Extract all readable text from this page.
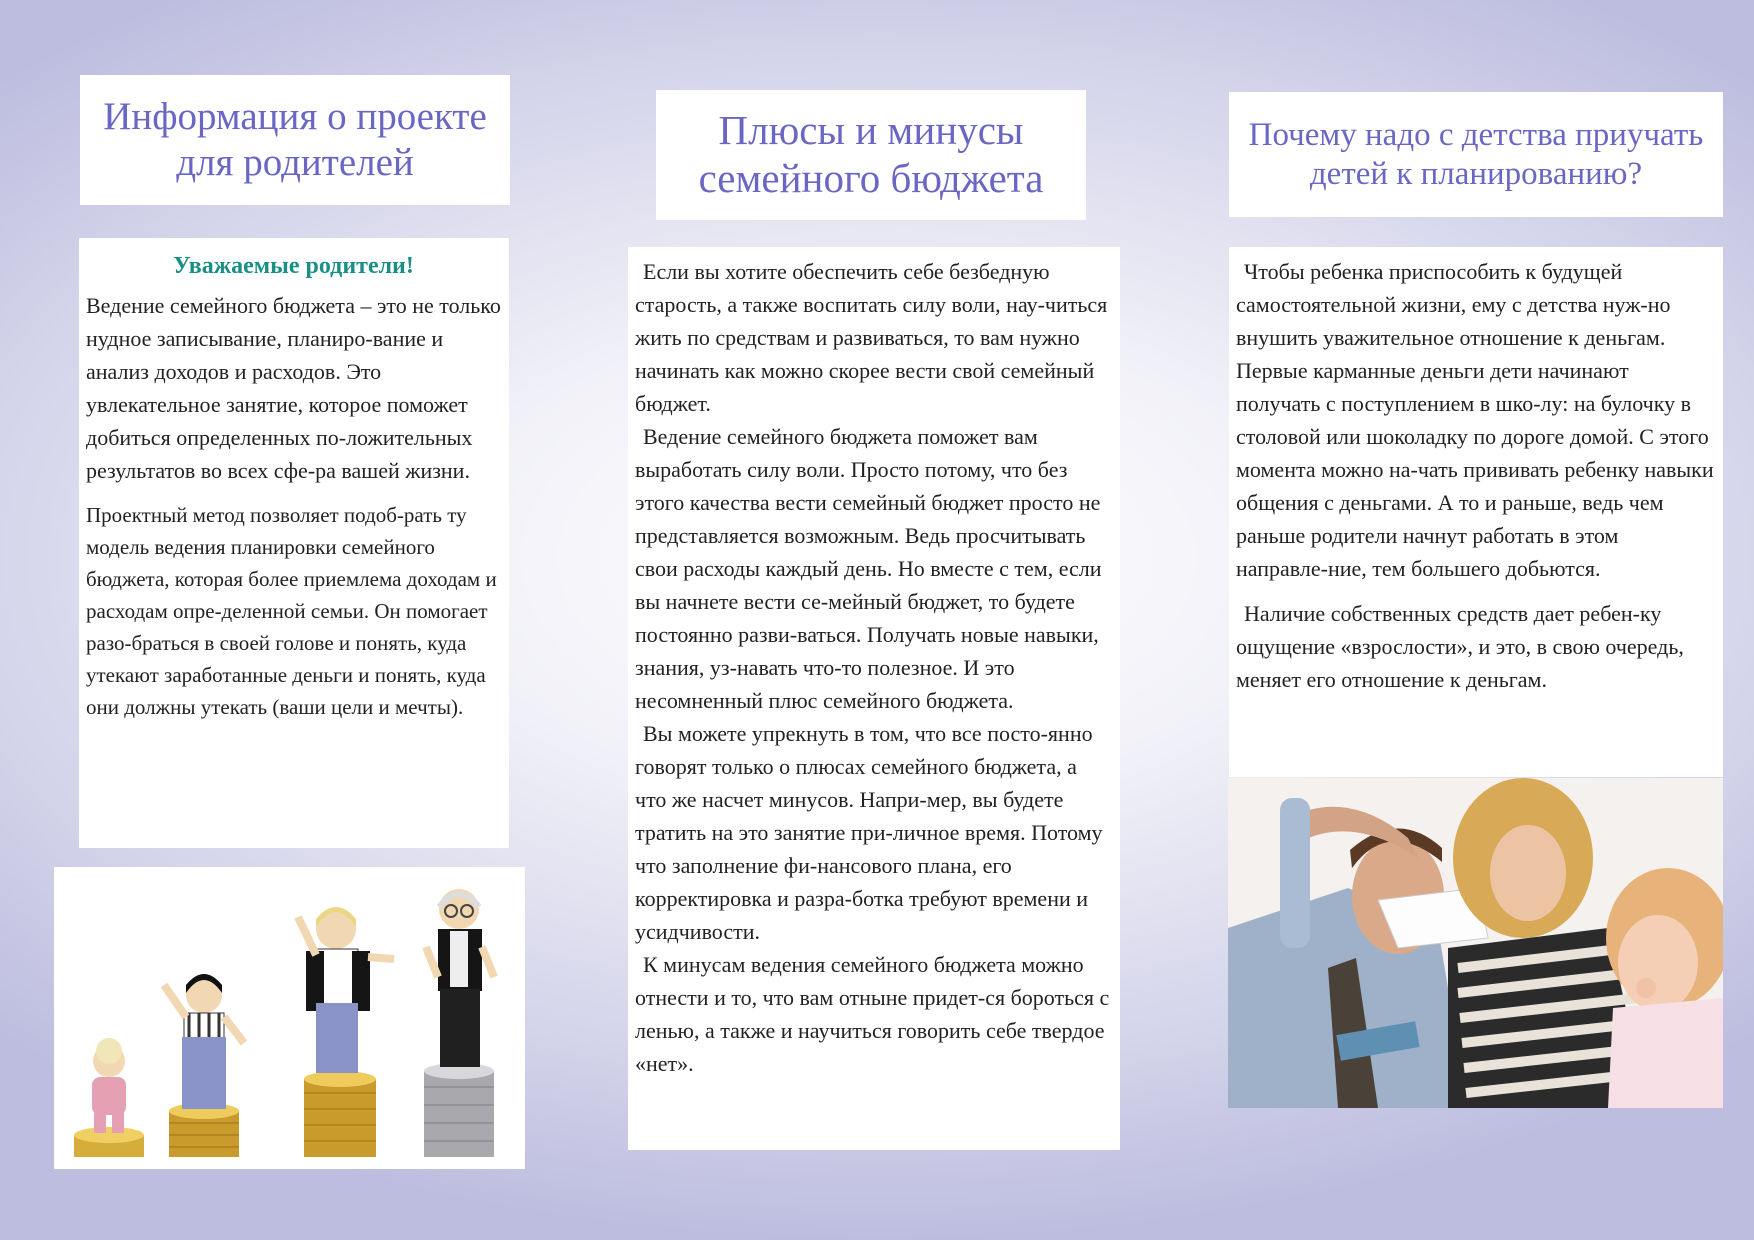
Информация о проекте для родителей

Уважаемые родители!

Ведение семейного бюджета – это не только нудное записывание, планиро-вание и анализ доходов и расходов. Это увлекательное занятие, которое поможет добиться определенных по-ложительных результатов во всех сфе-ра вашей жизни.

Проектный метод позволяет подоб-рать ту модель ведения планировки семейного бюджета, которая более приемлема доходам и расходам опре-деленной семьи. Он помогает разо-браться в своей голове и понять, куда утекают заработанные деньги и понять, куда они должны утекать (ваши цели и мечты).

Плюсы и минусы семейного бюджета

Если вы хотите обеспечить себе безбедную старость, а также воспитать силу воли, нау-читься жить по средствам и развиваться, то вам нужно начинать как можно скорее вести свой семейный бюджет.

Ведение семейного бюджета поможет вам выработать силу воли. Просто потому, что без этого качества вести семейный бюджет просто не представляется возможным. Ведь просчитывать свои расходы каждый день. Но вместе с тем, если вы начнете вести се-мейный бюджет, то будете постоянно разви-ваться. Получать новые навыки, знания, уз-навать что-то полезное. И это несомненный плюс семейного бюджета.

Вы можете упрекнуть в том, что все посто-янно говорят только о плюсах семейного бюджета, а что же насчет минусов. Напри-мер, вы будете тратить на это занятие при-личное время. Потому что заполнение фи-нансового плана, его корректировка и разра-ботка требуют времени и усидчивости.

К минусам ведения семейного бюджета можно отнести и то, что вам отныне придет-ся бороться с ленью, а также и научиться говорить себе твердое «нет».

Почему надо с детства приучать детей к планированию?

Чтобы ребенка приспособить к будущей самостоятельной жизни, ему с детства нуж-но внушить уважительное отношение к деньгам. Первые карманные деньги дети начинают получать с поступлением в шко-лу: на булочку в столовой или шоколадку по дороге домой. С этого момента можно на-чать прививать ребенку навыки общения с деньгами. А то и раньше, ведь чем раньше родители начнут работать в этом направле-ние, тем большего добьются.

Наличие собственных средств дает ребен-ку ощущение «взрослости», и это, в свою очередь, меняет его отношение к деньгам.
